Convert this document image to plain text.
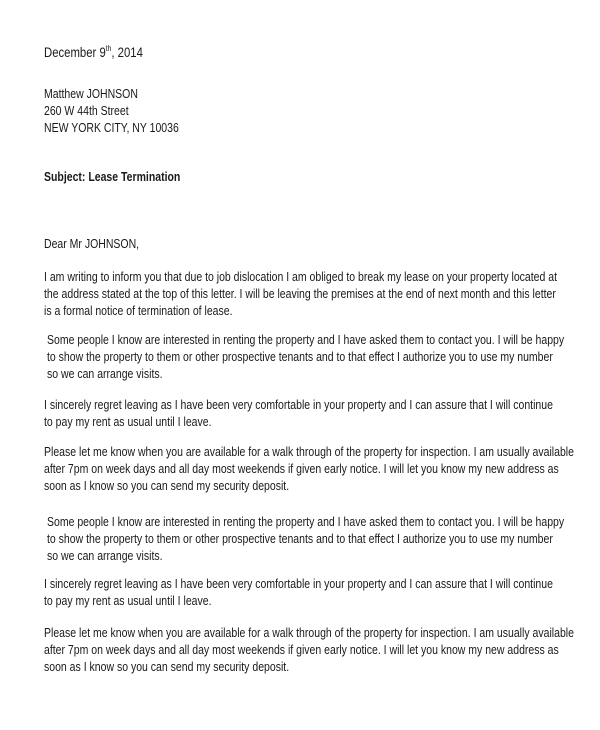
December 9th, 2014
Matthew JOHNSON
260 W 44th Street
NEW YORK CITY, NY 10036
Subject: Lease Termination
Dear Mr JOHNSON,
I am writing to inform you that due to job dislocation I am obliged to break my lease on your property located at
the address stated at the top of this letter. I will be leaving the premises at the end of next month and this letter
is a formal notice of termination of lease.
Some people I know are interested in renting the property and I have asked them to contact you. I will be happy
to show the property to them or other prospective tenants and to that effect I authorize you to use my number
so we can arrange visits.
I sincerely regret leaving as I have been very comfortable in your property and I can assure that I will continue
to pay my rent as usual until I leave.
Please let me know when you are available for a walk through of the property for inspection. I am usually available
after 7pm on week days and all day most weekends if given early notice. I will let you know my new address as
soon as I know so you can send my security deposit.
Some people I know are interested in renting the property and I have asked them to contact you. I will be happy
to show the property to them or other prospective tenants and to that effect I authorize you to use my number
so we can arrange visits.
I sincerely regret leaving as I have been very comfortable in your property and I can assure that I will continue
to pay my rent as usual until I leave.
Please let me know when you are available for a walk through of the property for inspection. I am usually available
after 7pm on week days and all day most weekends if given early notice. I will let you know my new address as
soon as I know so you can send my security deposit.
